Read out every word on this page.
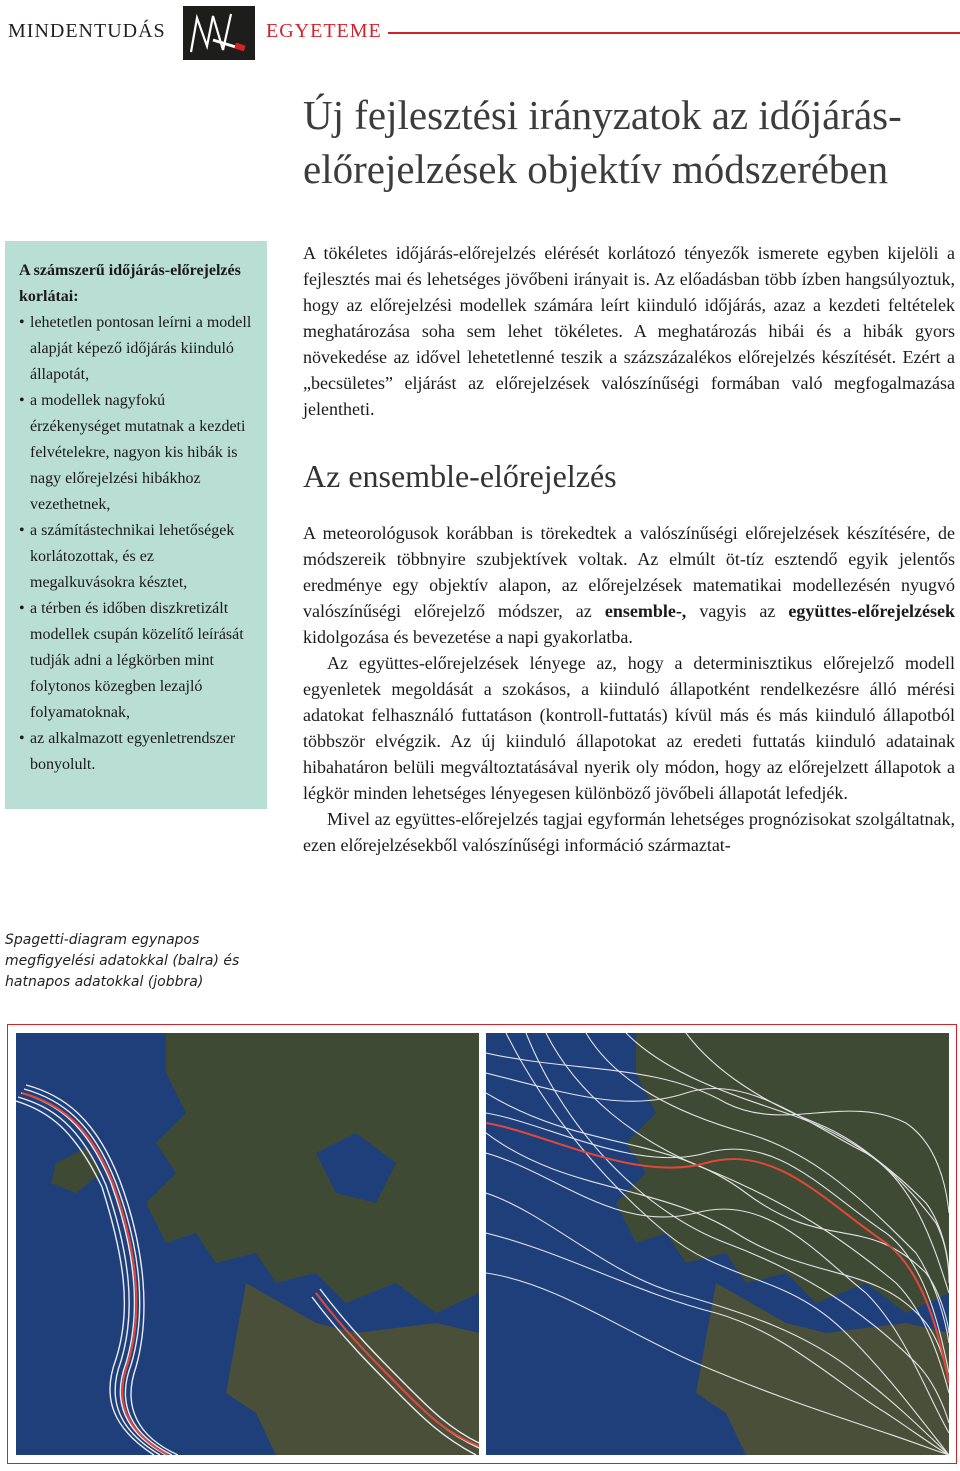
MINDENTUDÁS	EGYETEME
Új fejlesztési irányzatok az időjárás-előrejelzések objektív módszerében

A számszerű időjárás-előrejelzés korlátai:

• lehetetlen pontosan leírni a modell alapját képező időjárás kiinduló állapotát,
• a modellek nagyfokú érzékenységet mutatnak a kezdeti felvételekre, nagyon kis hibák is nagy előrejelzési hibákhoz vezethetnek,
• a számítástechnikai lehetőségek korlátozottak, és ez megalkuvásokra késztet,
• a térben és időben diszkretizált modellek csupán közelítő leírását tudják adni a légkörben mint folytonos közegben lezajló folyamatoknak,
• az alkalmazott egyenletrendszer bonyolult.

Spagetti-diagram egynapos megfigyelési adatokkal (balra) és hatnapos adatokkal (jobbra)

A tökéletes időjárás-előrejelzés elérését korlátozó tényezők ismerete egyben kijelöli a fejlesztés mai és lehetséges jövőbeni irányait is. Az előadásban több ízben hangsúlyoztuk, hogy az előrejelzési modellek számára leírt kiinduló időjárás, azaz a kezdeti feltételek meghatározása soha sem lehet tökéletes. A meghatározás hibái és a hibák gyors növekedése az idővel lehetetlenné teszik a százszázalékos előrejelzés készítését. Ezért a „becsületes” eljárást az előrejelzések valószínűségi formában való megfogalmazása jelentheti.

Az ensemble-előrejelzés

A meteorológusok korábban is törekedtek a valószínűségi előrejelzések készítésére, de módszereik többnyire szubjektívek voltak. Az elmúlt öt-tíz esztendő egyik jelentős eredménye egy objektív alapon, az előrejelzések matematikai modellezésén nyugvó valószínűségi előrejelző módszer, az ensemble-, vagyis az együttes-előrejelzések kidolgozása és bevezetése a napi gyakorlatba.

Az együttes-előrejelzések lényege az, hogy a determinisztikus előrejelző modell egyenletek megoldását a szokásos, a kiinduló állapotként rendelkezésre álló mérési adatokat felhasználó futtatáson (kontroll-futtatás) kívül más és más kiinduló állapotból többször elvégzik. Az új kiinduló állapotokat az eredeti futtatás kiinduló adatainak hibahatáron belüli megváltoztatásával nyerik oly módon, hogy az előrejelzett állapotok a légkör minden lehetséges lényegesen különböző jövőbeli állapotát lefedjék.

Mivel az együttes-előrejelzés tagjai egyformán lehetséges prognózisokat szolgáltatnak, ezen előrejelzésekből valószínűségi információ származtat-
